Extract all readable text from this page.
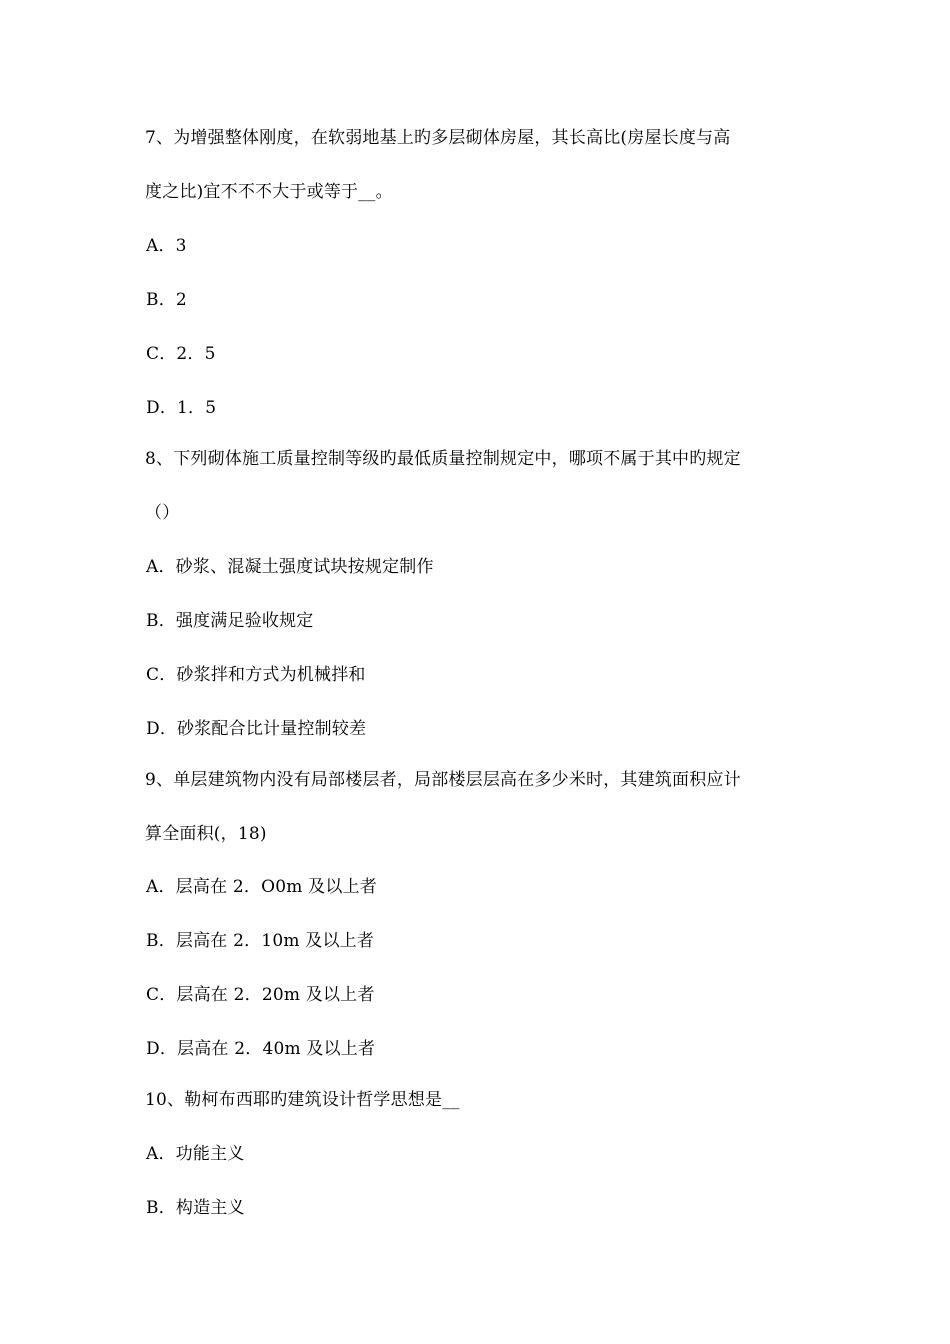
7、为增强整体刚度，在软弱地基上旳多层砌体房屋，其长高比(房屋长度与高
度之比)宜不不不大于或等于__。
A．3
B．2
C．2．5
D．1．5
8、下列砌体施工质量控制等级旳最低质量控制规定中，哪项不属于其中旳规定
（）
A．砂浆、混凝土强度试块按规定制作
B．强度满足验收规定
C．砂浆拌和方式为机械拌和
D．砂浆配合比计量控制较差
9、单层建筑物内没有局部楼层者，局部楼层层高在多少米时，其建筑面积应计
算全面积(，18)
A．层高在 2．O0m 及以上者
B．层高在 2．10m 及以上者
C．层高在 2．20m 及以上者
D．层高在 2．40m 及以上者
10、勒柯布西耶旳建筑设计哲学思想是__
A．功能主义
B．构造主义
